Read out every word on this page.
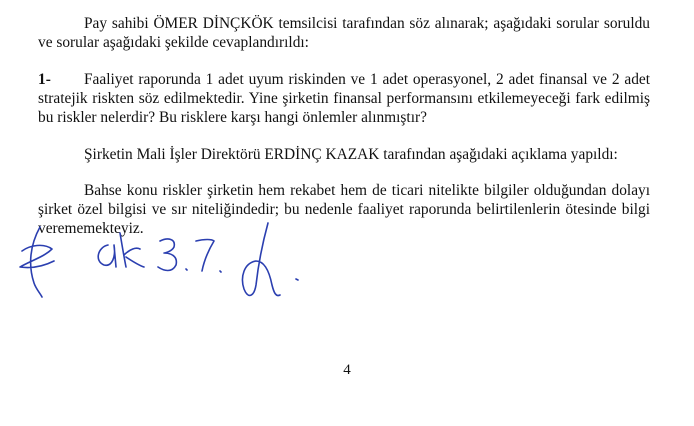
Pay sahibi ÖMER DİNÇKÖK temsilcisi tarafından söz alınarak; aşağıdaki sorular soruldu ve sorular aşağıdaki şekilde cevaplandırıldı:

1- Faaliyet raporunda 1 adet uyum riskinden ve 1 adet operasyonel, 2 adet finansal ve 2 adet stratejik riskten söz edilmektedir. Yine şirketin finansal performansını etkilemeyeceği fark edilmiş bu riskler nelerdir? Bu risklere karşı hangi önlemler alınmıştır?

Şirketin Mali İşler Direktörü ERDİNÇ KAZAK tarafından aşağıdaki açıklama yapıldı:

Bahse konu riskler şirketin hem rekabet hem de ticari nitelikte bilgiler olduğundan dolayı şirket özel bilgisi ve sır niteliğindedir; bu nedenle faaliyet raporunda belirtilenlerin ötesinde bilgi verememekteyiz.

4
